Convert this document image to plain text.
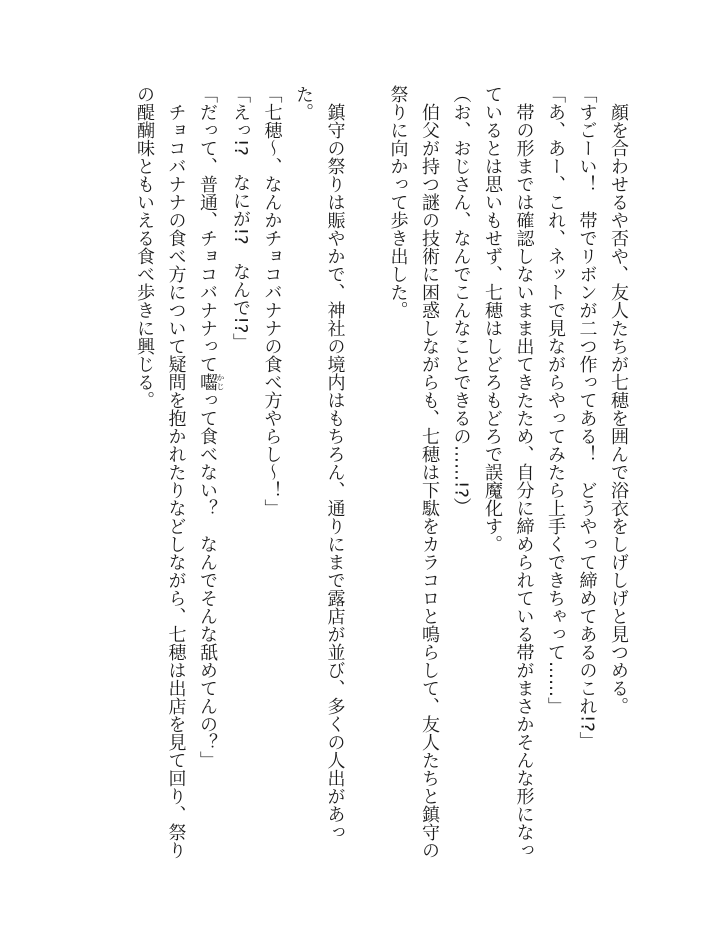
顔を合わせるや否や、友人たちが七穂を囲んで浴衣をしげしげと見つめる。

「すごーい！　帯でリボンが二つ作ってある！　どうやって締めてあるのこれ!?」

「あ、あー、これ、ネットで見ながらやってみたら上手くできちゃって……」

帯の形までは確認しないまま出てきたため、自分に締められている帯がまさかそんな形になっ

ているとは思いもせず、七穂はしどろもどろで誤魔化す。

（お、おじさん、なんでこんなことできるの……!?）

伯父が持つ謎の技術に困惑しながらも、七穂は下駄をカラコロと鳴らして、友人たちと鎮守の

祭りに向かって歩き出した。

鎮守の祭りは賑やかで、神社の境内はもちろん、通りにまで露店が並び、多くの人出があっ

た。

「七穂～、なんかチョコバナナの食べ方やらし～！」

「えっ!?　なにが!?　なんで!?」

「だって、普通、チョコバナナって囓かじって食べない？　なんでそんな舐めてんの？」

チョコバナナの食べ方について疑問を抱かれたりなどしながら、七穂は出店を見て回り、祭り

の醍醐味ともいえる食べ歩きに興じる。
